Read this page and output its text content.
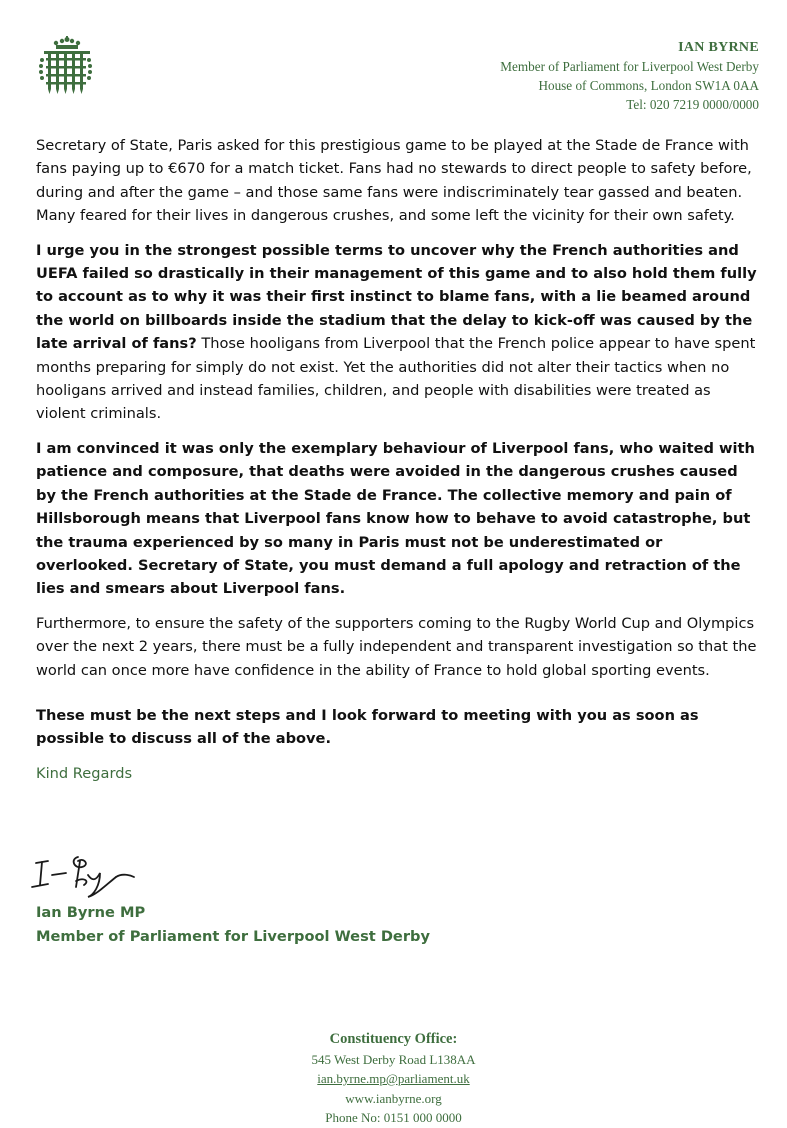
IAN BYRNE
Member of Parliament for Liverpool West Derby
House of Commons, London SW1A 0AA
Tel: 020 7219 0000/0000

Secretary of State, Paris asked for this prestigious game to be played at the Stade de France with fans paying up to €670 for a match ticket. Fans had no stewards to direct people to safety before, during and after the game – and those same fans were indiscriminately tear gassed and beaten. Many feared for their lives in dangerous crushes, and some left the vicinity for their own safety.

I urge you in the strongest possible terms to uncover why the French authorities and UEFA failed so drastically in their management of this game and to also hold them fully to account as to why it was their first instinct to blame fans, with a lie beamed around the world on billboards inside the stadium that the delay to kick-off was caused by the late arrival of fans? Those hooligans from Liverpool that the French police appear to have spent months preparing for simply do not exist. Yet the authorities did not alter their tactics when no hooligans arrived and instead families, children, and people with disabilities were treated as violent criminals.

I am convinced it was only the exemplary behaviour of Liverpool fans, who waited with patience and composure, that deaths were avoided in the dangerous crushes caused by the French authorities at the Stade de France. The collective memory and pain of Hillsborough means that Liverpool fans know how to behave to avoid catastrophe, but the trauma experienced by so many in Paris must not be underestimated or overlooked. Secretary of State, you must demand a full apology and retraction of the lies and smears about Liverpool fans.

Furthermore, to ensure the safety of the supporters coming to the Rugby World Cup and Olympics over the next 2 years, there must be a fully independent and transparent investigation so that the world can once more have confidence in the ability of France to hold global sporting events.

These must be the next steps and I look forward to meeting with you as soon as possible to discuss all of the above.

Kind Regards

Ian Byrne MP
Member of Parliament for Liverpool West Derby
Constituency Office:
545 West Derby Road L138AA
ian.byrne.mp@parliament.uk
www.ianbyrne.org
Phone No: 0151 000 0000
